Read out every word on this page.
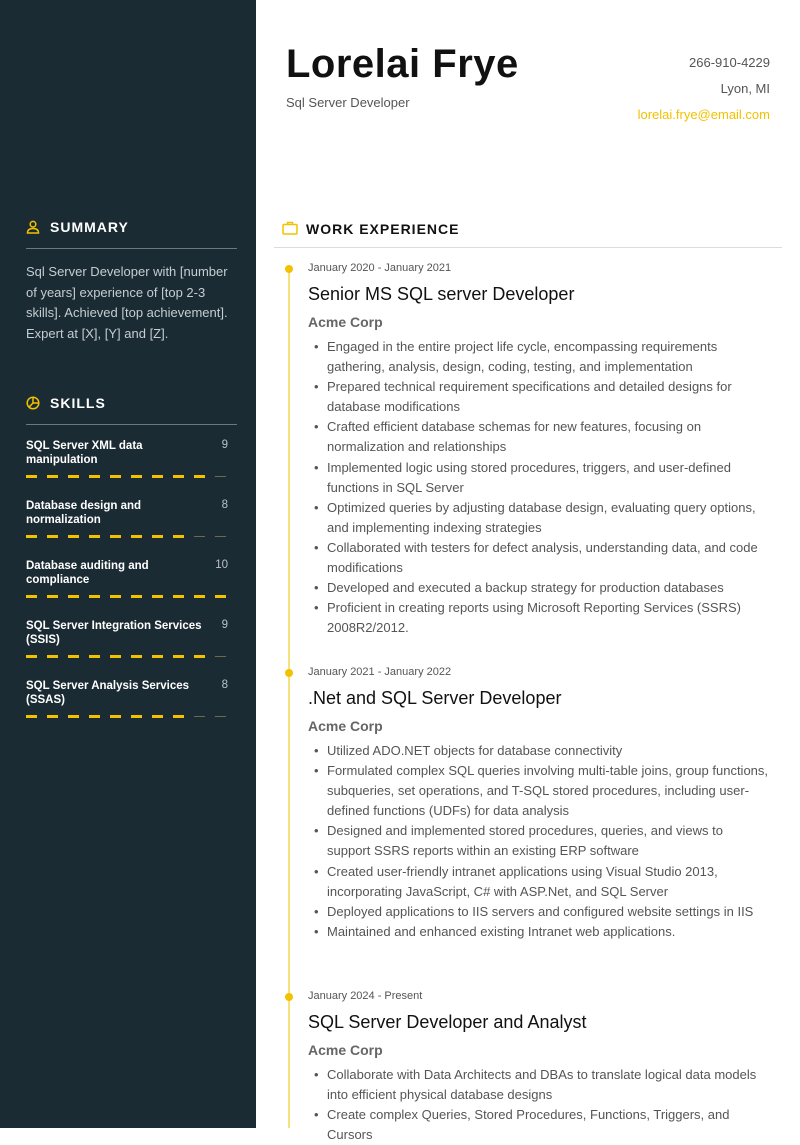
SUMMARY

Sql Server Developer with [number of years] experience of [top 2-3 skills]. Achieved [top achievement]. Expert at [X], [Y] and [Z].

SKILLS
SQL Server XML data manipulation
9
Database design and normalization
8
Database auditing and compliance
10
SQL Server Integration Services (SSIS)
9
SQL Server Analysis Services (SSAS)
8
Lorelai Frye
Sql Server Developer
266-910-4229
Lyon, MI
lorelai.frye@email.com
WORK EXPERIENCE
January 2020 - January 2021
Senior MS SQL server Developer
Acme Corp
• Engaged in the entire project life cycle, encompassing requirements gathering, analysis, design, coding, testing, and implementation
• Prepared technical requirement specifications and detailed designs for database modifications
• Crafted efficient database schemas for new features, focusing on normalization and relationships
• Implemented logic using stored procedures, triggers, and user-defined functions in SQL Server
• Optimized queries by adjusting database design, evaluating query options, and implementing indexing strategies
• Collaborated with testers for defect analysis, understanding data, and code modifications
• Developed and executed a backup strategy for production databases
• Proficient in creating reports using Microsoft Reporting Services (SSRS) 2008R2/2012.
January 2021 - January 2022
.Net and SQL Server Developer
Acme Corp
• Utilized ADO.NET objects for database connectivity
• Formulated complex SQL queries involving multi-table joins, group functions, subqueries, set operations, and T-SQL stored procedures, including user-defined functions (UDFs) for data analysis
• Designed and implemented stored procedures, queries, and views to support SSRS reports within an existing ERP software
• Created user-friendly intranet applications using Visual Studio 2013, incorporating JavaScript, C# with ASP.Net, and SQL Server
• Deployed applications to IIS servers and configured website settings in IIS
• Maintained and enhanced existing Intranet web applications.
January 2024 - Present
SQL Server Developer and Analyst
Acme Corp
• Collaborate with Data Architects and DBAs to translate logical data models into efficient physical database designs
• Create complex Queries, Stored Procedures, Functions, Triggers, and Cursors
